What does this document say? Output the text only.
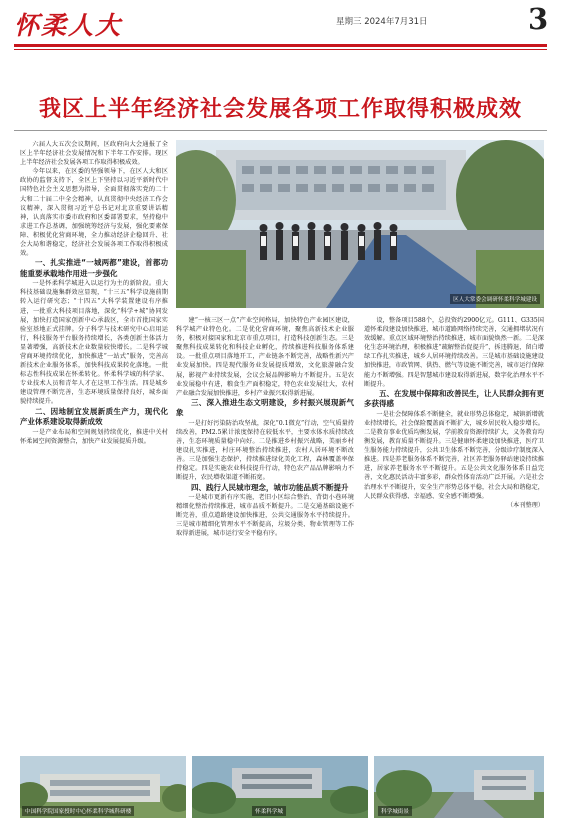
怀柔人大	星期三 2024年7月31日	3
我区上半年经济社会发展各项工作取得积极成效

六届人大五次会议期间，区政府向大会通报了全区上半年经济社会发展情况和下半年工作安排。现区上半年经济社会发展各项工作取得积极成效。

今年以来，在区委的坚强领导下，在区人大和区政协的监督支持下，全区上下坚持以习近平新时代中国特色社会主义思想为指导，全面贯彻落实党的二十大和二十届二中全会精神，认真贯彻中央经济工作会议精神，深入贯彻习近平总书记对北京重要讲话精神，认真落实市委市政府和区委部署要求，坚持稳中求进工作总基调，加强统筹经济与发展，强化要素保障、积极优化营商环境，全力推动经济企稳回升、社会大局和谐稳定，经济社会发展各项工作取得积极成效。

一、扎实推进“一城两都”建设，首都功能重要承载地作用进一步强化

一是怀柔科学城进入以运行为主的新阶段。重大科技基础设施集群效应显现，“十三五”科学设施前期转入运行研究态；“十四五”大科学装置建设有序推进，一批重大科技项目落地，深化“科学+城”协同发展，加快打造国家创新中心承载区，全市首批国家实验室基地正式挂牌。分子科学与技术研究中心启用运行，科技服务平台服务持续增长，各类创新主体活力显著增强，高新技术企业数量较快增长。二是科学城营商环境持续优化，加快推进“一站式”服务，完善高新技术企业服务体系，加快科技成果转化落地。一批标志性科技成果在怀柔转化。怀柔科学城的科学家、专业技术人员和青年人才在这里工作生活。四是城乡建设管理不断完善，生态环境质量保持良好，城乡面貌持续提升。

二、因地制宜发展新质生产力，现代化产业体系建设取得新成效

一是产业布局和空间规划持续优化，推进中关村怀柔园空间资源整合，加快产业发展提质升级。

区人大常委会调研怀柔科学城建设

建“一核三区一点”产业空间格局，加快特色产业园区建设，科学城产业特色化。二是优化营商环境，聚焦高新技术企业服务，积极对接国家和北京市重点项目，打造科技创新生态。三是聚焦科技成果转化和科技企业孵化，持续推进科技服务体系建设。一批重点项目落地开工，产业链条不断完善，战略性新兴产业发展加快。四是现代服务业发展提质增效，文化旅游融合发展，影视产业持续发展，会议会展品牌影响力不断提升。五是农业发展稳中有进，粮食生产面积稳定，特色农业发展壮大，农村产业融合发展加快推进，乡村产业振兴取得新进展。

三、深入推进生态文明建设，乡村振兴展现新气象

一是打好污染防治攻坚战，深化“0.1微克”行动，空气质量持续改善，PM2.5累计浓度保持在较低水平，主要水体水质持续改善，生态环境质量稳中向好。二是推进乡村振兴战略，美丽乡村建设扎实推进，村庄环境整治持续推进，农村人居环境不断改善。三是加强生态保护，持续推进绿化美化工程，森林覆盖率保持稳定。四是实施农业科技提升行动，特色农产品品牌影响力不断提升，农民增收渠道不断拓宽。

四、践行人民城市理念，城市功能品质不断提升

一是城市更新有序实施，老旧小区综合整治、背街小巷环境精细化整治持续推进，城市品质不断提升。二是交通基础设施不断完善，重点道路建设加快推进，公共交通服务水平持续提升。三是城市精细化管理水平不断提高，垃圾分类、物业管理等工作取得新进展，城市运行安全平稳有序。

设，整备项目588个，总投资约2900亿元。G111、G335国道怀柔段建设加快推进，城市道路网络持续完善，交通拥堵状况有效缓解。重点区域环境整治持续推进，城市面貌焕然一新。二是深化生态环境治理，积极推进“疏解整治促提升”，拆违腾退，留白增绿工作扎实推进，城乡人居环境持续改善。三是城市基础设施建设加快推进，市政管网、供热、燃气等设施不断完善，城市运行保障能力不断增强。四是智慧城市建设取得新进展，数字化治理水平不断提升。

五、在发展中保障和改善民生，让人民群众拥有更多获得感

一是社会保障体系不断健全，就业形势总体稳定，城镇新增就业持续增长，社会保险覆盖面不断扩大，城乡居民收入稳步增长。二是教育事业优质均衡发展，学前教育资源持续扩大，义务教育均衡发展，教育质量不断提升。三是健康怀柔建设加快推进，医疗卫生服务能力持续提升，公共卫生体系不断完善，分级诊疗制度深入推进。四是养老服务体系不断完善，社区养老服务驿站建设持续推进，居家养老服务水平不断提升。五是公共文化服务体系日益完善，文化惠民活动丰富多彩，群众性体育活动广泛开展。六是社会治理水平不断提升，安全生产形势总体平稳，社会大局和谐稳定，人民群众获得感、幸福感、安全感不断增强。

（本刊整理）

中国科学院国家授时中心怀柔科学城科研楼	怀柔科学城	科学城街景
